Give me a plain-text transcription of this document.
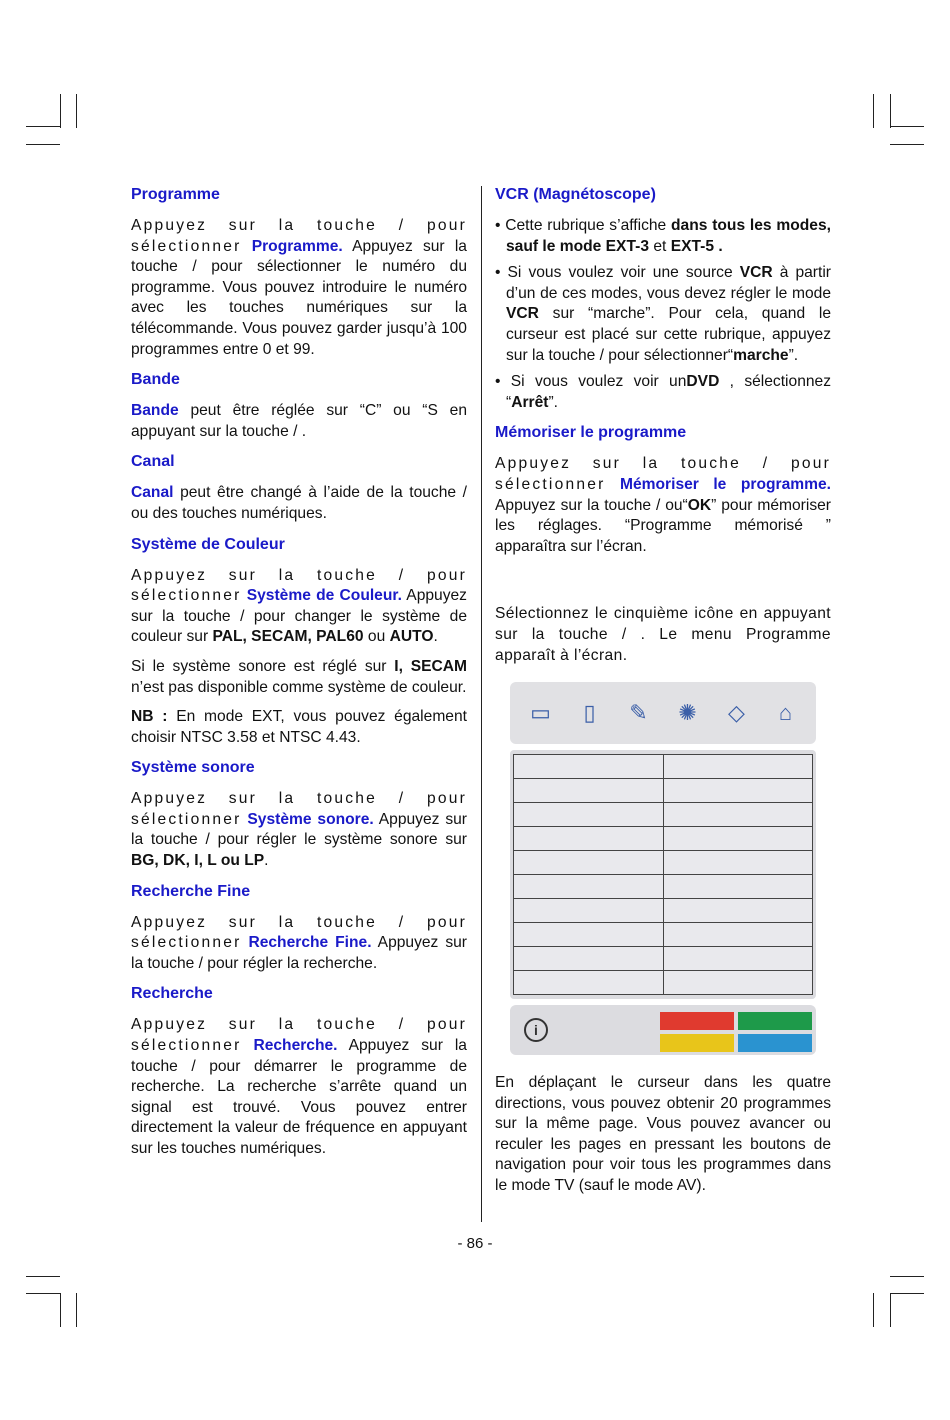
Programme

Appuyez sur la touche / pour sélectionner Programme. Appuyez sur la touche / pour sélectionner le numéro du programme. Vous pouvez introduire le numéro avec les touches numériques sur la télécommande. Vous pouvez garder jusqu’à 100 programmes entre 0 et 99.

Bande

Bande peut être réglée sur “C” ou “S en appuyant sur la touche / .

Canal

Canal peut être changé à l’aide de la touche / ou des touches numériques.

Système de Couleur

Appuyez sur la touche / pour sélectionner Système de Couleur. Appuyez sur la touche / pour changer le système de couleur sur PAL, SECAM, PAL60 ou AUTO.

Si le système sonore est réglé sur I, SECAM n’est pas disponible comme système de couleur.

NB : En mode EXT, vous pouvez également choisir NTSC 3.58 et NTSC 4.43.

Système sonore

Appuyez sur la touche / pour sélectionner Système sonore. Appuyez sur la touche / pour régler le système sonore sur BG, DK, I, L ou LP.

Recherche Fine

Appuyez sur la touche / pour sélectionner Recherche Fine. Appuyez sur la touche / pour régler la recherche.

Recherche

Appuyez sur la touche / pour sélectionner Recherche. Appuyez sur la touche / pour démarrer le programme de recherche. La recherche s’arrête quand un signal est trouvé. Vous pouvez entrer directement la valeur de fréquence en appuyant sur les touches numériques.

VCR (Magnétoscope)
• Cette rubrique s’affiche dans tous les modes, sauf le mode EXT-3 et EXT-5 .
• Si vous voulez voir une source VCR à partir d’un de ces modes, vous devez régler le mode VCR sur “marche”. Pour cela, quand le curseur est placé sur cette rubrique, appuyez sur la touche / pour sélectionner“marche”.
• Si vous voulez voir unDVD , sélectionnez “Arrêt”.
Mémoriser le programme

Appuyez sur la touche / pour sélectionner Mémoriser le programme. Appuyez sur la touche / ou“OK” pour mémoriser les réglages. “Programme mémorisé ” apparaîtra sur l’écran.

Sélectionnez le cinquième icône en appuyant sur la touche / . Le menu Programme apparaît à l’écran.

▭	▯	✎	✺	◇	⌂

i

En déplaçant le curseur dans les quatre directions, vous pouvez obtenir 20 programmes sur la même page. Vous pouvez avancer ou reculer les pages en pressant les boutons de navigation pour voir tous les programmes dans le mode TV (sauf le mode AV).

- 86 -
